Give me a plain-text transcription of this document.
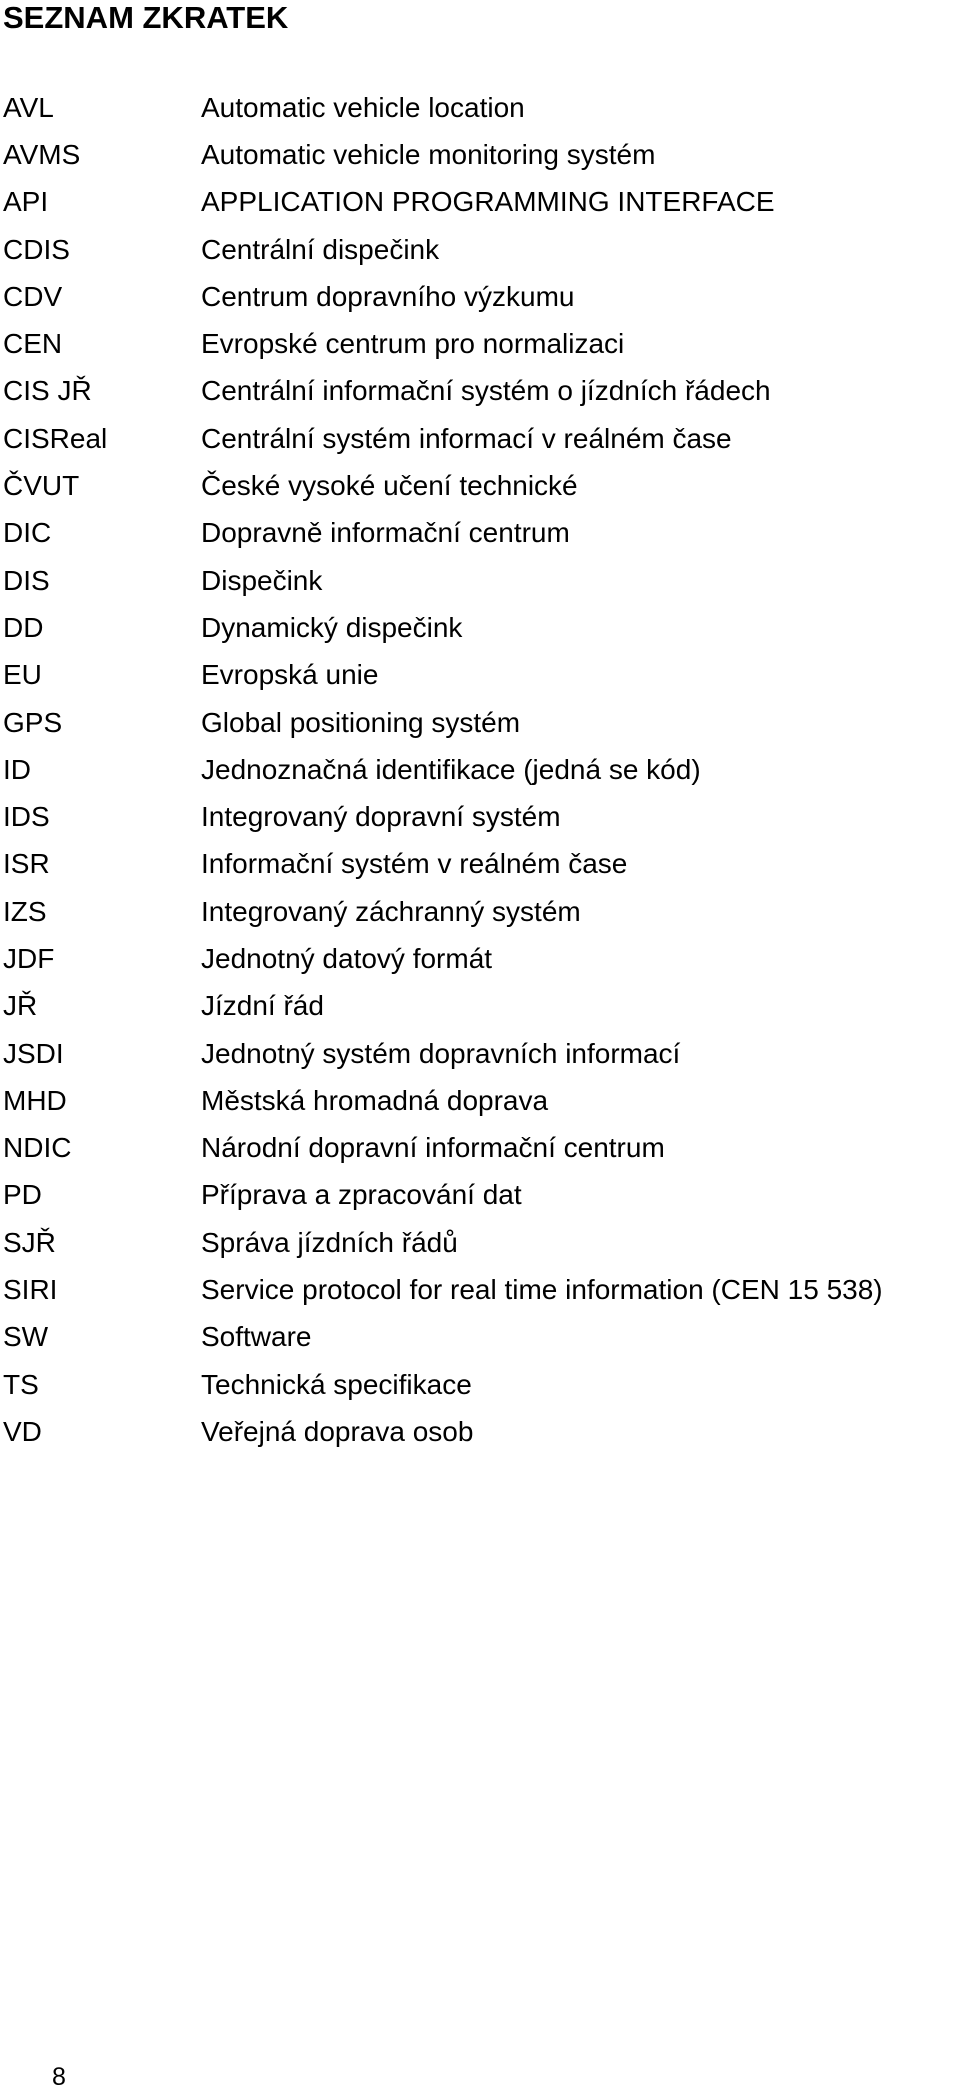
SEZNAM ZKRATEK
AVL	Automatic vehicle location
AVMS	Automatic vehicle monitoring systém
API	APPLICATION PROGRAMMING INTERFACE
CDIS	Centrální dispečink
CDV	Centrum dopravního výzkumu
CEN	Evropské centrum pro normalizaci
CIS JŘ	Centrální informační systém o jízdních řádech
CISReal	Centrální systém informací v reálném čase
ČVUT	České vysoké učení technické
DIC	Dopravně informační centrum
DIS	Dispečink
DD	Dynamický dispečink
EU	Evropská unie
GPS	Global positioning systém
ID	Jednoznačná identifikace (jedná se kód)
IDS	Integrovaný dopravní systém
ISR	Informační systém v reálném čase
IZS	Integrovaný záchranný systém
JDF	Jednotný datový formát
JŘ	Jízdní řád
JSDI	Jednotný systém dopravních informací
MHD	Městská hromadná doprava
NDIC	Národní dopravní informační centrum
PD	Příprava a zpracování dat
SJŘ	Správa jízdních řádů
SIRI	Service protocol for real time information (CEN 15 538)
SW	Software
TS	Technická specifikace
VD	Veřejná doprava osob
8
